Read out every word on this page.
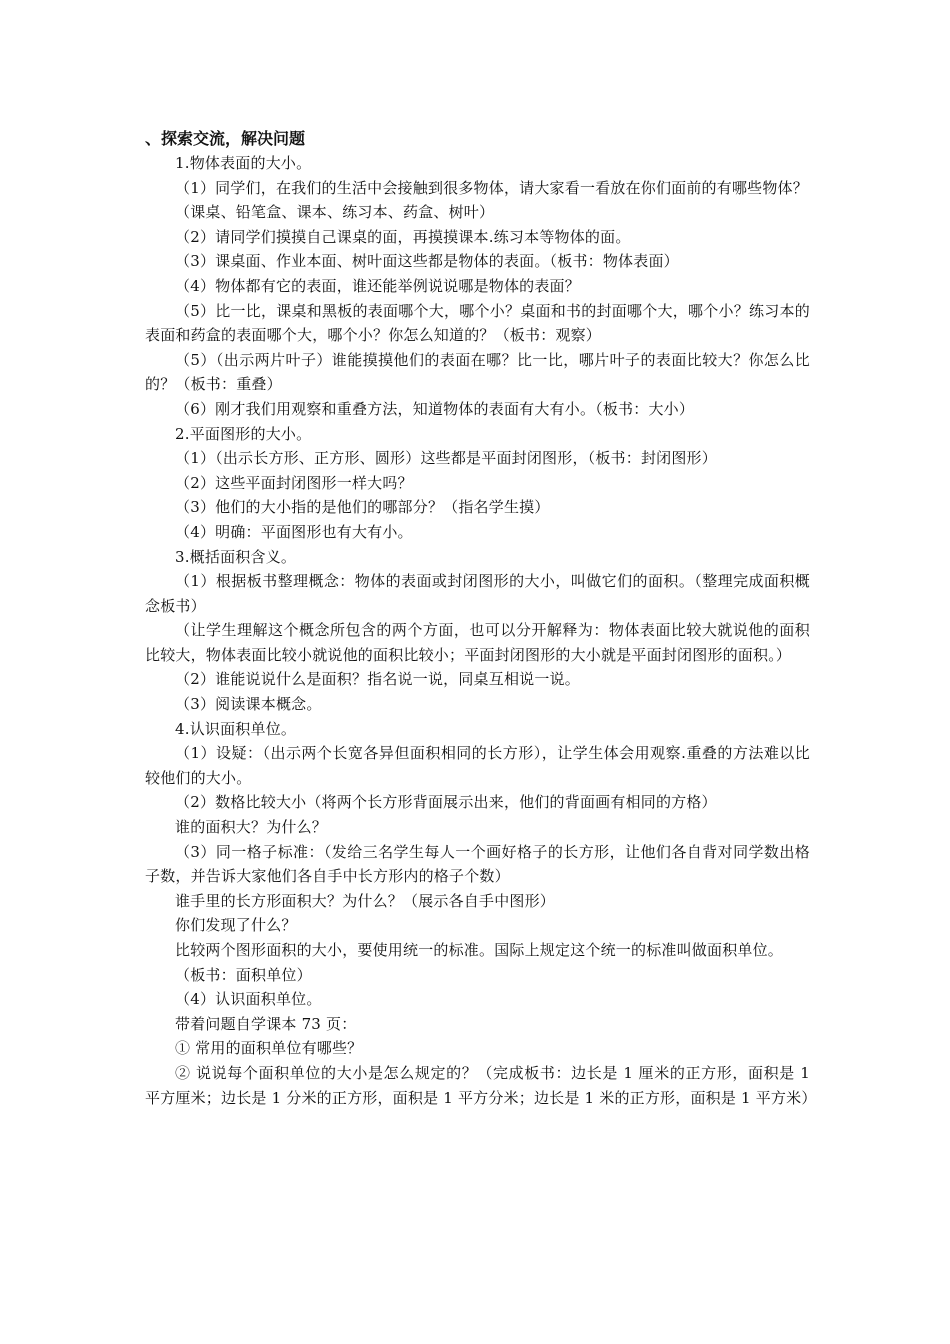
、探索交流，解决问题

1.物体表面的大小。

（1）同学们，在我们的生活中会接触到很多物体，请大家看一看放在你们面前的有哪些物体？

（课桌、铅笔盒、课本、练习本、药盒、树叶）

（2）请同学们摸摸自己课桌的面，再摸摸课本.练习本等物体的面。

（3）课桌面、作业本面、树叶面这些都是物体的表面。（板书：物体表面）

（4）物体都有它的表面，谁还能举例说说哪是物体的表面？

（5）比一比，课桌和黑板的表面哪个大，哪个小？桌面和书的封面哪个大，哪个小？练习本的表面和药盒的表面哪个大，哪个小？你怎么知道的？（板书：观察）

（5）（出示两片叶子）谁能摸摸他们的表面在哪？比一比，哪片叶子的表面比较大？你怎么比的？（板书：重叠）

（6）刚才我们用观察和重叠方法，知道物体的表面有大有小。（板书：大小）

2.平面图形的大小。

（1）（出示长方形、正方形、圆形）这些都是平面封闭图形，（板书：封闭图形）

（2）这些平面封闭图形一样大吗？

（3）他们的大小指的是他们的哪部分？（指名学生摸）

（4）明确：平面图形也有大有小。

3.概括面积含义。

（1）根据板书整理概念：物体的表面或封闭图形的大小，叫做它们的面积。（整理完成面积概念板书）

（让学生理解这个概念所包含的两个方面，也可以分开解释为：物体表面比较大就说他的面积比较大，物体表面比较小就说他的面积比较小；平面封闭图形的大小就是平面封闭图形的面积。）

（2）谁能说说什么是面积？指名说一说，同桌互相说一说。

（3）阅读课本概念。

4.认识面积单位。

（1）设疑：（出示两个长宽各异但面积相同的长方形），让学生体会用观察.重叠的方法难以比较他们的大小。

（2）数格比较大小（将两个长方形背面展示出来，他们的背面画有相同的方格）

谁的面积大？为什么？

（3）同一格子标准：（发给三名学生每人一个画好格子的长方形，让他们各自背对同学数出格子数，并告诉大家他们各自手中长方形内的格子个数）

谁手里的长方形面积大？为什么？（展示各自手中图形）

你们发现了什么？

比较两个图形面积的大小，要使用统一的标准。国际上规定这个统一的标准叫做面积单位。

（板书：面积单位）

（4）认识面积单位。

带着问题自学课本 73 页：

① 常用的面积单位有哪些？

② 说说每个面积单位的大小是怎么规定的？（完成板书：边长是 1 厘米的正方形，面积是 1 平方厘米；边长是 1 分米的正方形，面积是 1 平方分米；边长是 1 米的正方形，面积是 1 平方米）
